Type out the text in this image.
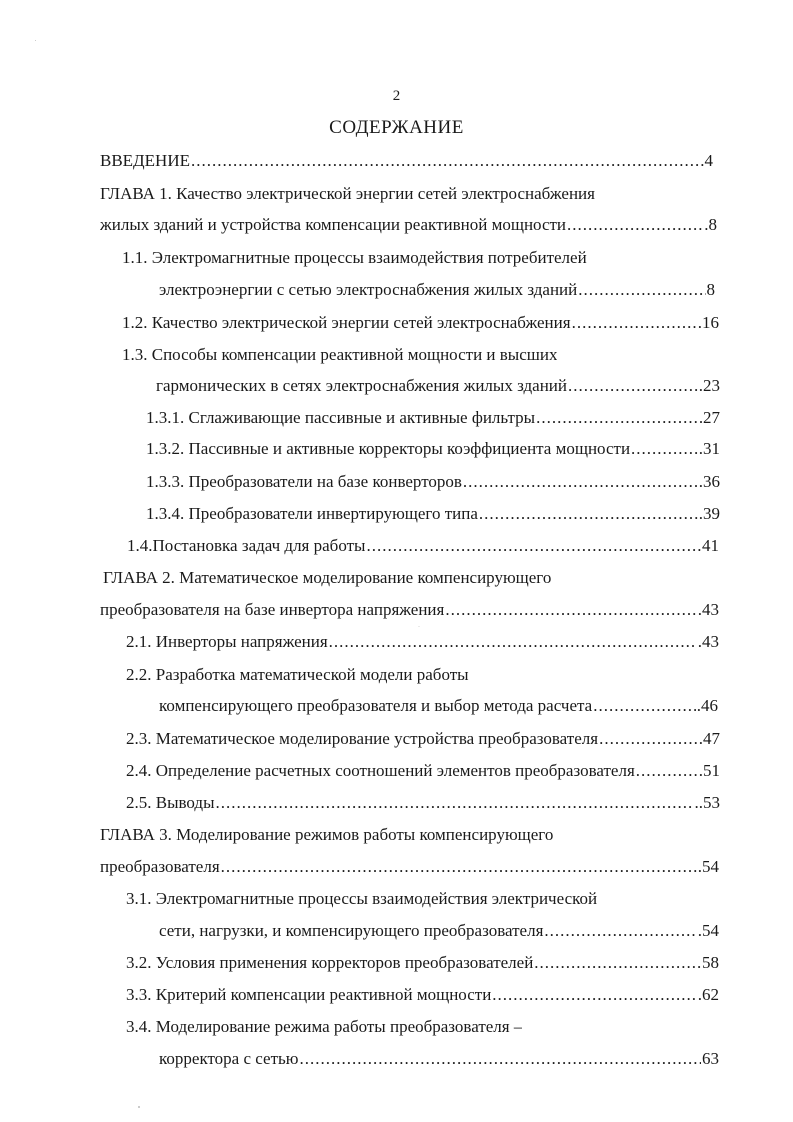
2
СОДЕРЖАНИЕ
ВВЕДЕНИЕ .....	.4
ГЛАВА 1. Качество электрической энергии сетей электроснабжения
жилых зданий и устройства компенсации реактивной мощности .....	.8
1.1. Электромагнитные процессы взаимодействия потребителей
электроэнергии с сетью электроснабжения жилых зданий .....	8
1.2. Качество электрической энергии сетей электроснабжения .....	.16
1.3. Способы компенсации реактивной мощности и высших
гармонических в сетях электроснабжения жилых зданий .....	.23
1.3.1. Сглаживающие пассивные и активные фильтры .....	27
1.3.2. Пассивные и активные корректоры коэффициента мощности .....	.31
1.3.3. Преобразователи на базе конверторов .....	.36
1.3.4. Преобразователи инвертирующего типа .....	.39
1.4.Постановка задач для работы .....	41
ГЛАВА 2. Математическое моделирование компенсирующего
преобразователя на базе инвертора напряжения .....	.43
2.1. Инверторы напряжения .....	.43
2.2. Разработка математической модели работы
компенсирующего преобразователя и выбор метода расчета .....	.46
2.3. Математическое моделирование устройства преобразователя .....	.47
2.4. Определение расчетных соотношений элементов преобразователя .....	51
2.5. Выводы .....	..53
ГЛАВА 3. Моделирование режимов работы компенсирующего
преобразователя .....	.54
3.1. Электромагнитные процессы взаимодействия электрической
сети, нагрузки, и компенсирующего преобразователя .....	.54
3.2. Условия применения корректоров преобразователей .....	58
3.3. Критерий компенсации реактивной мощности .....	.62
3.4. Моделирование режима работы преобразователя –
корректора с сетью .....	63
